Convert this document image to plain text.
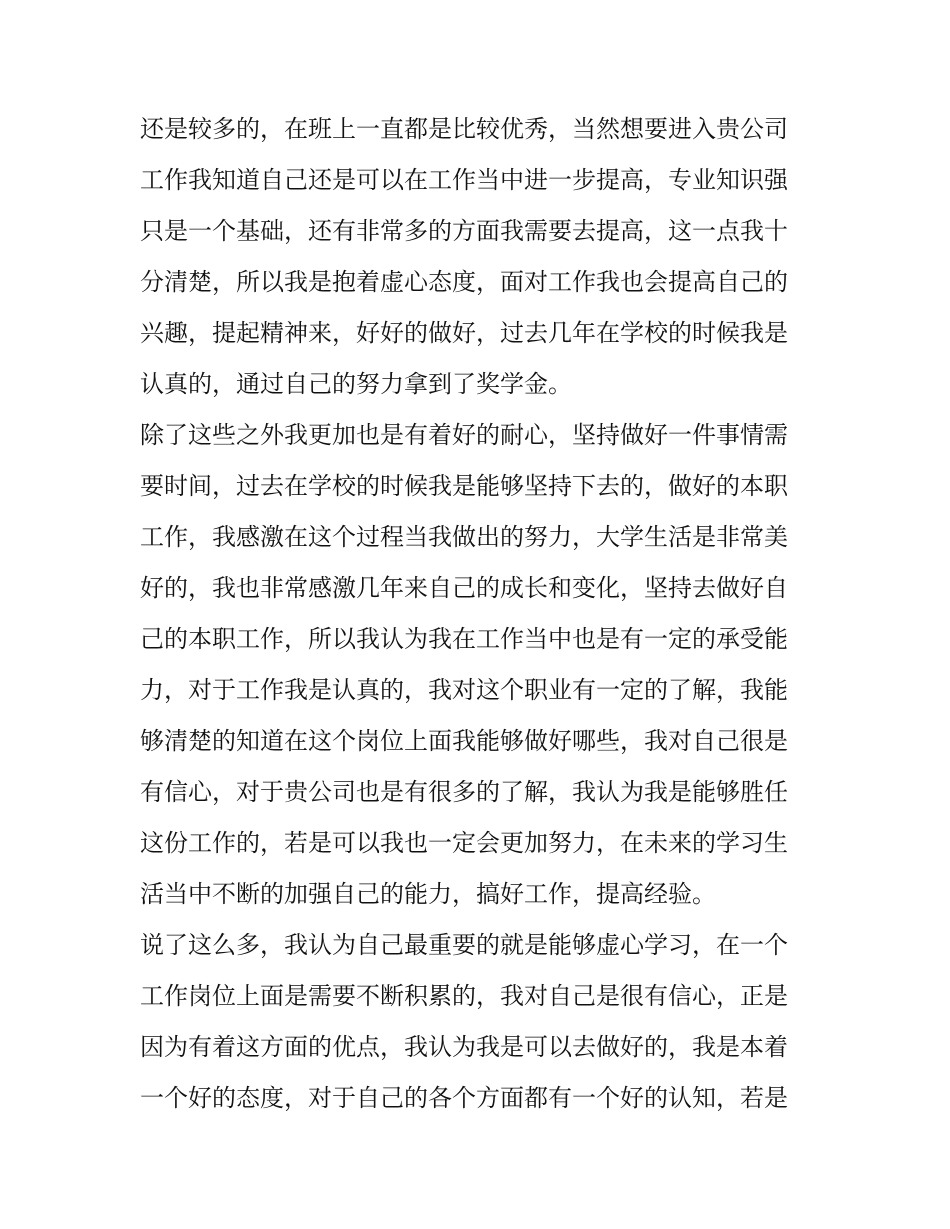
还是较多的，在班上一直都是比较优秀，当然想要进入贵公司
工作我知道自己还是可以在工作当中进一步提高，专业知识强
只是一个基础，还有非常多的方面我需要去提高，这一点我十
分清楚，所以我是抱着虚心态度，面对工作我也会提高自己的
兴趣，提起精神来，好好的做好，过去几年在学校的时候我是
认真的，通过自己的努力拿到了奖学金。
除了这些之外我更加也是有着好的耐心，坚持做好一件事情需
要时间，过去在学校的时候我是能够坚持下去的，做好的本职
工作，我感激在这个过程当我做出的努力，大学生活是非常美
好的，我也非常感激几年来自己的成长和变化，坚持去做好自
己的本职工作，所以我认为我在工作当中也是有一定的承受能
力，对于工作我是认真的，我对这个职业有一定的了解，我能
够清楚的知道在这个岗位上面我能够做好哪些，我对自己很是
有信心，对于贵公司也是有很多的了解，我认为我是能够胜任
这份工作的，若是可以我也一定会更加努力，在未来的学习生
活当中不断的加强自己的能力，搞好工作，提高经验。
说了这么多，我认为自己最重要的就是能够虚心学习，在一个
工作岗位上面是需要不断积累的，我对自己是很有信心，正是
因为有着这方面的优点，我认为我是可以去做好的，我是本着
一个好的态度，对于自己的各个方面都有一个好的认知，若是
